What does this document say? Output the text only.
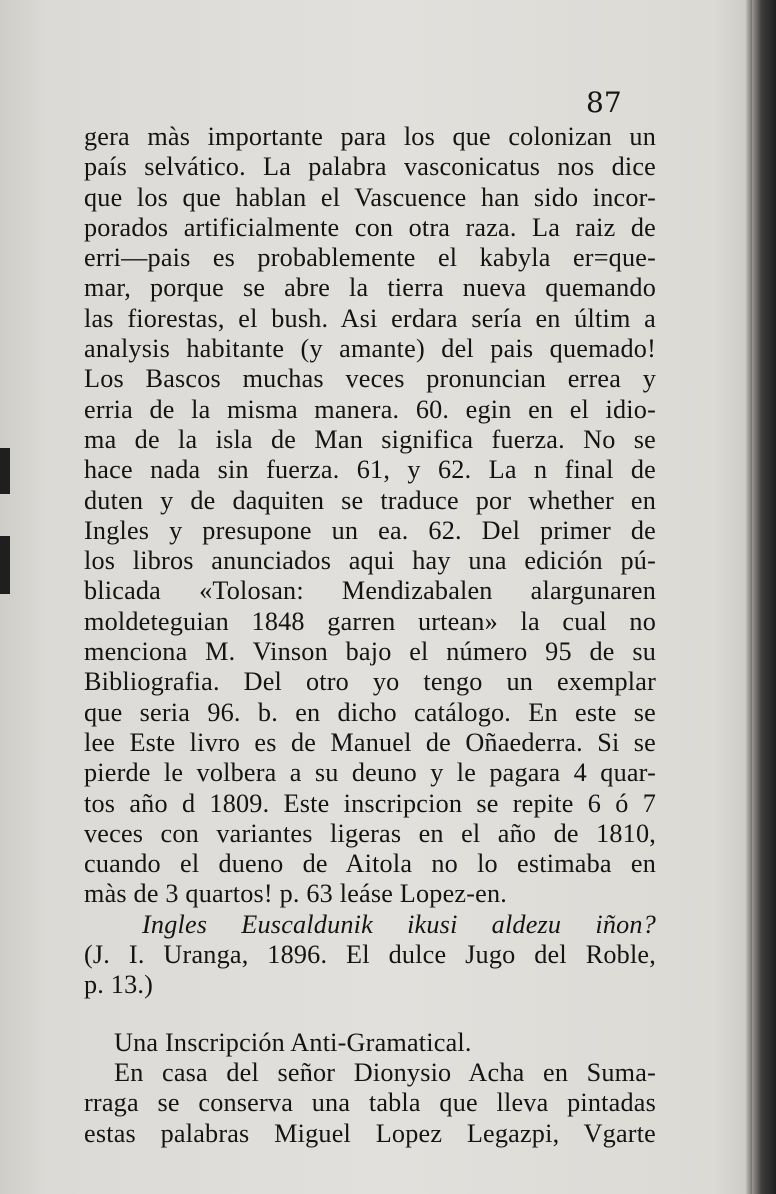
87
gera màs importante para los que colonizan un
país selvático. La palabra vasconicatus nos dice
que los que hablan el Vascuence han sido incor-
porados artificialmente con otra raza. La raiz de
erri—pais es probablemente el kabyla er=que-
mar, porque se abre la tierra nueva quemando
las fiorestas, el bush. Asi erdara sería en últim a
analysis habitante (y amante) del pais quemado!
Los Bascos muchas veces pronuncian errea y
erria de la misma manera. 60. egin en el idio-
ma de la isla de Man significa fuerza. No se
hace nada sin fuerza. 61, y 62. La n final de
duten y de daquiten se traduce por whether en
Ingles y presupone un ea. 62. Del primer de
los libros anunciados aqui hay una edición pú-
blicada «Tolosan: Mendizabalen alargunaren
moldeteguian 1848 garren urtean» la cual no
menciona M. Vinson bajo el número 95 de su
Bibliografia. Del otro yo tengo un exemplar
que seria 96. b. en dicho catálogo. En este se
lee Este livro es de Manuel de Oñaederra. Si se
pierde le volbera a su deuno y le pagara 4 quar-
tos año d 1809. Este inscripcion se repite 6 ó 7
veces con variantes ligeras en el año de 1810,
cuando el dueno de Aitola no lo estimaba en
màs de 3 quartos! p. 63 leáse Lopez-en.
Ingles Euscaldunik ikusi aldezu iñon?
(J. I. Uranga, 1896. El dulce Jugo del Roble,
p. 13.)
Una Inscripción Anti-Gramatical.
En casa del señor Dionysio Acha en Suma-
rraga se conserva una tabla que lleva pintadas
estas palabras Miguel Lopez Legazpi, Vgarte
